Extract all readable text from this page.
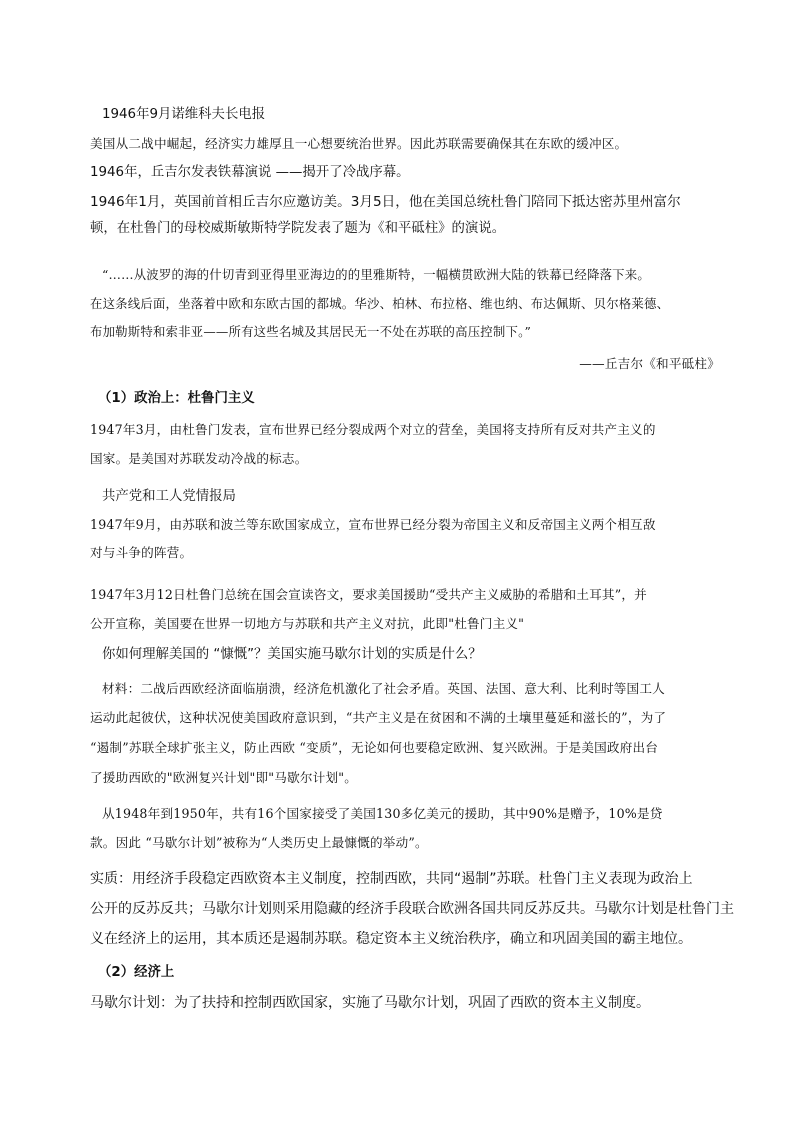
1946年9月诺维科夫长电报

美国从二战中崛起，经济实力雄厚且一心想要统治世界。因此苏联需要确保其在东欧的缓冲区。

1946年，丘吉尔发表铁幕演说 ——揭开了冷战序幕。

1946年1月，英国前首相丘吉尔应邀访美。3月5日，他在美国总统杜鲁门陪同下抵达密苏里州富尔

顿，在杜鲁门的母校威斯敏斯特学院发表了题为《和平砥柱》的演说。

“……从波罗的海的什切青到亚得里亚海边的的里雅斯特，一幅横贯欧洲大陆的铁幕已经降落下来。

在这条线后面，坐落着中欧和东欧古国的都城。华沙、柏林、布拉格、维也纳、布达佩斯、贝尔格莱德、

布加勒斯特和索非亚——所有这些名城及其居民无一不处在苏联的高压控制下。”

——丘吉尔《和平砥柱》

（1）政治上：杜鲁门主义

1947年3月，由杜鲁门发表，宣布世界已经分裂成两个对立的营垒，美国将支持所有反对共产主义的

国家。是美国对苏联发动冷战的标志。

共产党和工人党情报局

1947年9月，由苏联和波兰等东欧国家成立，宣布世界已经分裂为帝国主义和反帝国主义两个相互敌

对与斗争的阵营。

1947年3月12日杜鲁门总统在国会宣读咨文，要求美国援助“受共产主义威胁的希腊和土耳其”，并

公开宣称，美国要在世界一切地方与苏联和共产主义对抗，此即"杜鲁门主义"

你如何理解美国的 “慷慨”？美国实施马歇尔计划的实质是什么？

材料：二战后西欧经济面临崩溃，经济危机激化了社会矛盾。英国、法国、意大利、比利时等国工人

运动此起彼伏，这种状况使美国政府意识到，“共产主义是在贫困和不满的土壤里蔓延和滋长的”，为了

“遏制”苏联全球扩张主义，防止西欧 “变质”，无论如何也要稳定欧洲、复兴欧洲。于是美国政府出台

了援助西欧的"欧洲复兴计划"即"马歇尔计划"。

从1948年到1950年，共有16个国家接受了美国130多亿美元的援助，其中90%是赠予，10%是贷

款。因此 “马歇尔计划”被称为“人类历史上最慷慨的举动”。

实质：用经济手段稳定西欧资本主义制度，控制西欧，共同“遏制”苏联。杜鲁门主义表现为政治上

公开的反苏反共；马歇尔计划则采用隐藏的经济手段联合欧洲各国共同反苏反共。马歇尔计划是杜鲁门主

义在经济上的运用，其本质还是遏制苏联。稳定资本主义统治秩序，确立和巩固美国的霸主地位。

（2）经济上

马歇尔计划：为了扶持和控制西欧国家，实施了马歇尔计划，巩固了西欧的资本主义制度。
